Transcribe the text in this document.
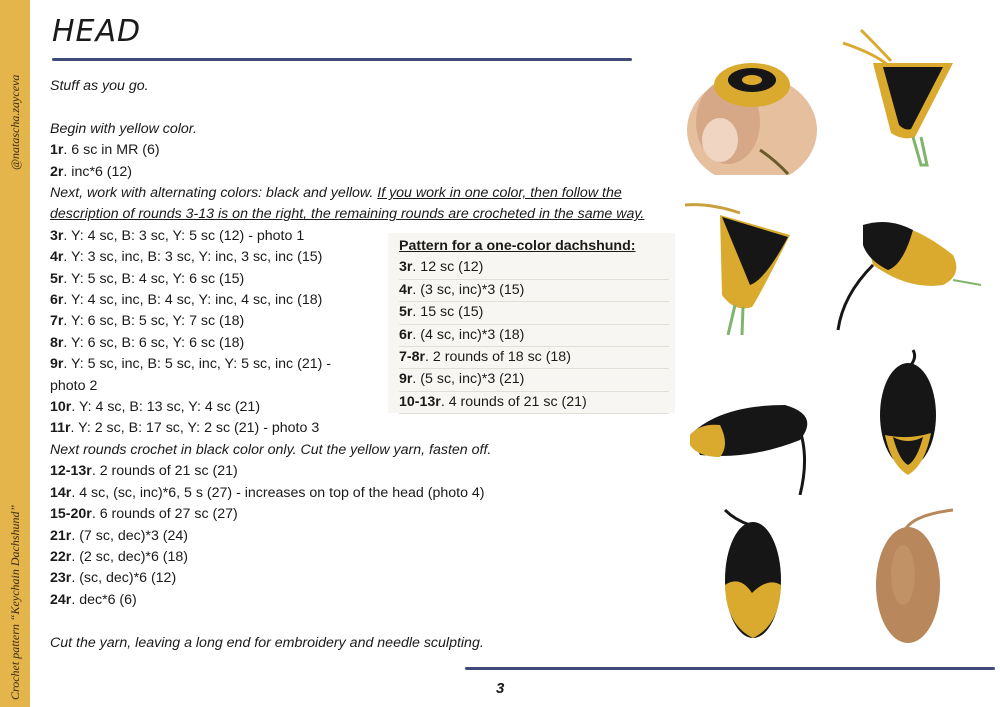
@natascha.zayceva
Crochet pattern “Keychain Dachshund”
HEAD
Stuff as you go.
Begin with yellow color.
1r. 6 sc in MR (6)
2r. inc*6 (12)
Next, work with alternating colors: black and yellow. If you work in one color, then follow the
description of rounds 3-13 is on the right, the remaining rounds are crocheted in the same way.
3r. Y: 4 sc, B: 3 sc, Y: 5 sc (12) - photo 1
4r. Y: 3 sc, inc, B: 3 sc, Y: inc, 3 sc, inc (15)
5r. Y: 5 sc, B: 4 sc, Y: 6 sc (15)
6r. Y: 4 sc, inc, B: 4 sc, Y: inc, 4 sc, inc (18)
7r. Y: 6 sc, B: 5 sc, Y: 7 sc (18)
8r. Y: 6 sc, B: 6 sc, Y: 6 sc (18)
9r. Y: 5 sc, inc, B: 5 sc, inc, Y: 5 sc, inc (21) -
photo 2
10r. Y: 4 sc, B: 13 sc, Y: 4 sc (21)
11r. Y: 2 sc, B: 17 sc, Y: 2 sc (21) - photo 3
Next rounds crochet in black color only. Cut the yellow yarn, fasten off.
12-13r. 2 rounds of 21 sc (21)
14r. 4 sc, (sc, inc)*6, 5 s (27) - increases on top of the head (photo 4)
15-20r. 6 rounds of 27 sc (27)
21r. (7 sc, dec)*3 (24)
22r. (2 sc, dec)*6 (18)
23r. (sc, dec)*6 (12)
24r. dec*6 (6)
Cut the yarn, leaving a long end for embroidery and needle sculpting.
Pattern for a one-color dachshund:
3r. 12 sc (12)
4r. (3 sc, inc)*3 (15)
5r. 15 sc (15)
6r. (4 sc, inc)*3 (18)
7-8r. 2 rounds of 18 sc (18)
9r. (5 sc, inc)*3 (21)
10-13r. 4 rounds of 21 sc (21)
3
